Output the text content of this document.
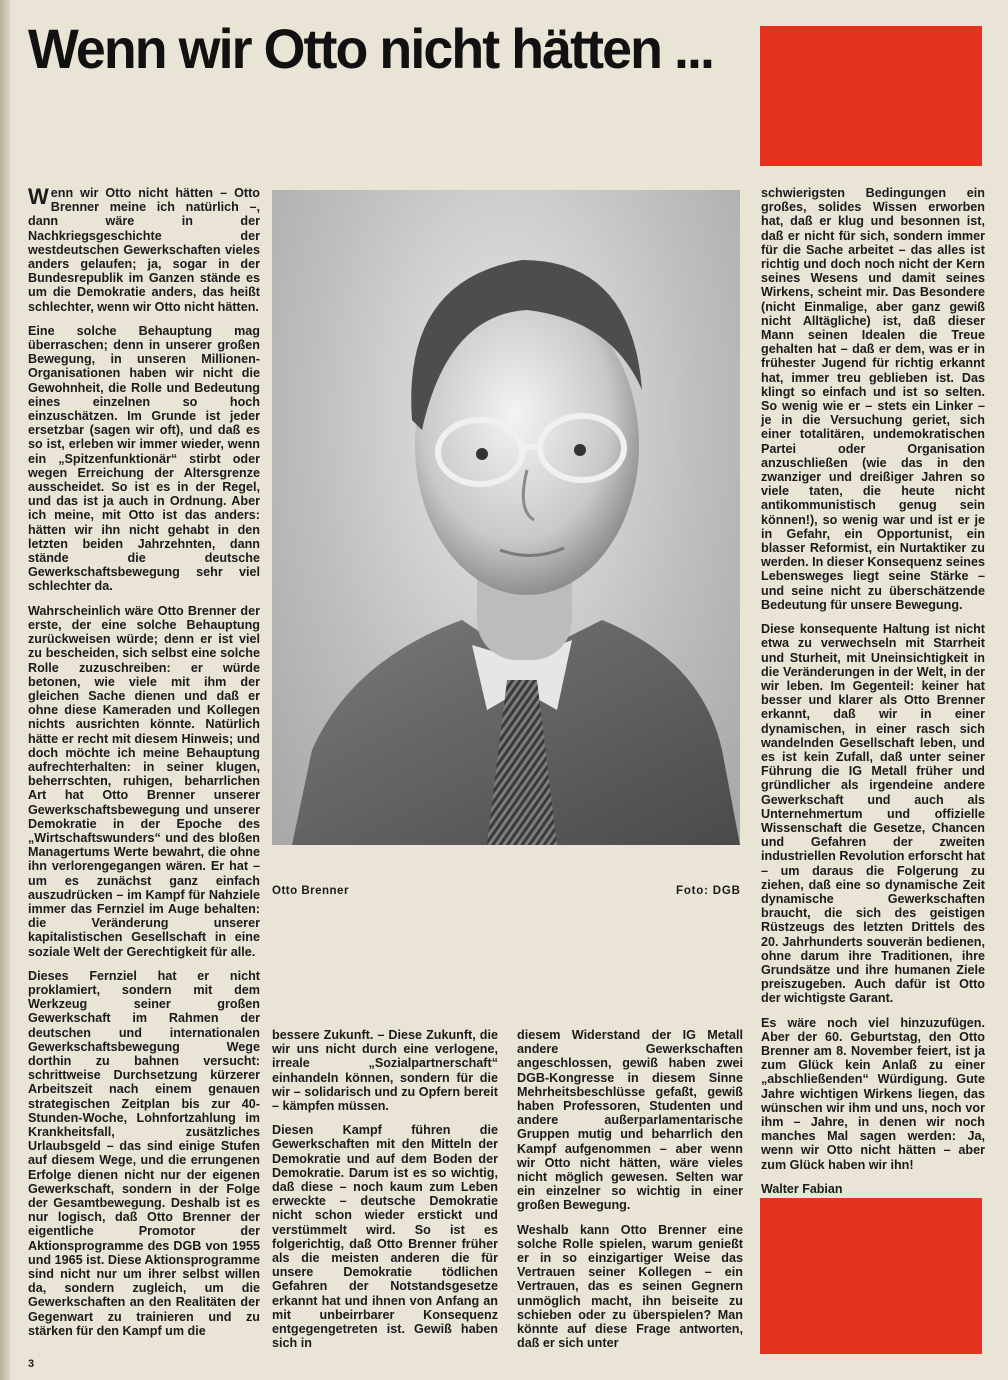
Wenn wir Otto nicht hätten ...

Wenn wir Otto nicht hätten – Otto Brenner meine ich natürlich –, dann wäre in der Nachkriegsgeschichte der westdeutschen Gewerkschaften vieles anders gelaufen; ja, sogar in der Bundesrepublik im Ganzen stände es um die Demokratie anders, das heißt schlechter, wenn wir Otto nicht hätten.

Eine solche Behauptung mag überraschen; denn in unserer großen Bewegung, in unseren Millionen-Organisationen haben wir nicht die Gewohnheit, die Rolle und Bedeutung eines einzelnen so hoch einzuschätzen. Im Grunde ist jeder ersetzbar (sagen wir oft), und daß es so ist, erleben wir immer wieder, wenn ein „Spitzenfunktionär“ stirbt oder wegen Erreichung der Altersgrenze ausscheidet. So ist es in der Regel, und das ist ja auch in Ordnung. Aber ich meine, mit Otto ist das anders: hätten wir ihn nicht gehabt in den letzten beiden Jahrzehnten, dann stände die deutsche Gewerkschaftsbewegung sehr viel schlechter da.

Wahrscheinlich wäre Otto Brenner der erste, der eine solche Behauptung zurückweisen würde; denn er ist viel zu bescheiden, sich selbst eine solche Rolle zuzuschreiben: er würde betonen, wie viele mit ihm der gleichen Sache dienen und daß er ohne diese Kameraden und Kollegen nichts ausrichten könnte. Natürlich hätte er recht mit diesem Hinweis; und doch möchte ich meine Behauptung aufrechterhalten: in seiner klugen, beherrschten, ruhigen, beharrlichen Art hat Otto Brenner unserer Gewerkschaftsbewegung und unserer Demokratie in der Epoche des „Wirtschaftswunders“ und des bloßen Managertums Werte bewahrt, die ohne ihn verlorengegangen wären. Er hat – um es zunächst ganz einfach auszudrücken – im Kampf für Nahziele immer das Fernziel im Auge behalten: die Veränderung unserer kapitalistischen Gesellschaft in eine soziale Welt der Gerechtigkeit für alle.

Dieses Fernziel hat er nicht proklamiert, sondern mit dem Werkzeug seiner großen Gewerkschaft im Rahmen der deutschen und internationalen Gewerkschaftsbewegung Wege dorthin zu bahnen versucht: schrittweise Durchsetzung kürzerer Arbeitszeit nach einem genauen strategischen Zeitplan bis zur 40-Stunden-Woche, Lohnfortzahlung im Krankheitsfall, zusätzliches Urlaubsgeld – das sind einige Stufen auf diesem Wege, und die errungenen Erfolge dienen nicht nur der eigenen Gewerkschaft, sondern in der Folge der Gesamtbewegung. Deshalb ist es nur logisch, daß Otto Brenner der eigentliche Promotor der Aktionsprogramme des DGB von 1955 und 1965 ist. Diese Aktionsprogramme sind nicht nur um ihrer selbst willen da, sondern zugleich, um die Gewerkschaften an den Realitäten der Gegenwart zu trainieren und zu stärken für den Kampf um die

Otto Brenner	Foto: DGB

bessere Zukunft. – Diese Zukunft, die wir uns nicht durch eine verlogene, irreale „Sozialpartnerschaft“ einhandeln können, sondern für die wir – solidarisch und zu Opfern bereit – kämpfen müssen.

Diesen Kampf führen die Gewerkschaften mit den Mitteln der Demokratie und auf dem Boden der Demokratie. Darum ist es so wichtig, daß diese – noch kaum zum Leben erweckte – deutsche Demokratie nicht schon wieder erstickt und verstümmelt wird. So ist es folgerichtig, daß Otto Brenner früher als die meisten anderen die für unsere Demokratie tödlichen Gefahren der Notstandsgesetze erkannt hat und ihnen von Anfang an mit unbeirrbarer Konsequenz entgegengetreten ist. Gewiß haben sich in

diesem Widerstand der IG Metall andere Gewerkschaften angeschlossen, gewiß haben zwei DGB-Kongresse in diesem Sinne Mehrheitsbeschlüsse gefaßt, gewiß haben Professoren, Studenten und andere außerparlamentarische Gruppen mutig und beharrlich den Kampf aufgenommen – aber wenn wir Otto nicht hätten, wäre vieles nicht möglich gewesen. Selten war ein einzelner so wichtig in einer großen Bewegung.

Weshalb kann Otto Brenner eine solche Rolle spielen, warum genießt er in so einzigartiger Weise das Vertrauen seiner Kollegen – ein Vertrauen, das es seinen Gegnern unmöglich macht, ihn beiseite zu schieben oder zu überspielen? Man könnte auf diese Frage antworten, daß er sich unter

schwierigsten Bedingungen ein großes, solides Wissen erworben hat, daß er klug und besonnen ist, daß er nicht für sich, sondern immer für die Sache arbeitet – das alles ist richtig und doch noch nicht der Kern seines Wesens und damit seines Wirkens, scheint mir. Das Besondere (nicht Einmalige, aber ganz gewiß nicht Alltägliche) ist, daß dieser Mann seinen Idealen die Treue gehalten hat – daß er dem, was er in frühester Jugend für richtig erkannt hat, immer treu geblieben ist. Das klingt so einfach und ist so selten. So wenig wie er – stets ein Linker – je in die Versuchung geriet, sich einer totalitären, undemokratischen Partei oder Organisation anzuschließen (wie das in den zwanziger und dreißiger Jahren so viele taten, die heute nicht antikommunistisch genug sein können!), so wenig war und ist er je in Gefahr, ein Opportunist, ein blasser Reformist, ein Nurtaktiker zu werden. In dieser Konsequenz seines Lebensweges liegt seine Stärke – und seine nicht zu überschätzende Bedeutung für unsere Bewegung.

Diese konsequente Haltung ist nicht etwa zu verwechseln mit Starrheit und Sturheit, mit Uneinsichtigkeit in die Veränderungen in der Welt, in der wir leben. Im Gegenteil: keiner hat besser und klarer als Otto Brenner erkannt, daß wir in einer dynamischen, in einer rasch sich wandelnden Gesellschaft leben, und es ist kein Zufall, daß unter seiner Führung die IG Metall früher und gründlicher als irgendeine andere Gewerkschaft und auch als Unternehmertum und offizielle Wissenschaft die Gesetze, Chancen und Gefahren der zweiten industriellen Revolution erforscht hat – um daraus die Folgerung zu ziehen, daß eine so dynamische Zeit dynamische Gewerkschaften braucht, die sich des geistigen Rüstzeugs des letzten Drittels des 20. Jahrhunderts souverän bedienen, ohne darum ihre Traditionen, ihre Grundsätze und ihre humanen Ziele preiszugeben. Auch dafür ist Otto der wichtigste Garant.

Es wäre noch viel hinzuzufügen. Aber der 60. Geburtstag, den Otto Brenner am 8. November feiert, ist ja zum Glück kein Anlaß zu einer „abschließenden“ Würdigung. Gute Jahre wichtigen Wirkens liegen, das wünschen wir ihm und uns, noch vor ihm – Jahre, in denen wir noch manches Mal sagen werden: Ja, wenn wir Otto nicht hätten – aber zum Glück haben wir ihn!

Walter Fabian

3
